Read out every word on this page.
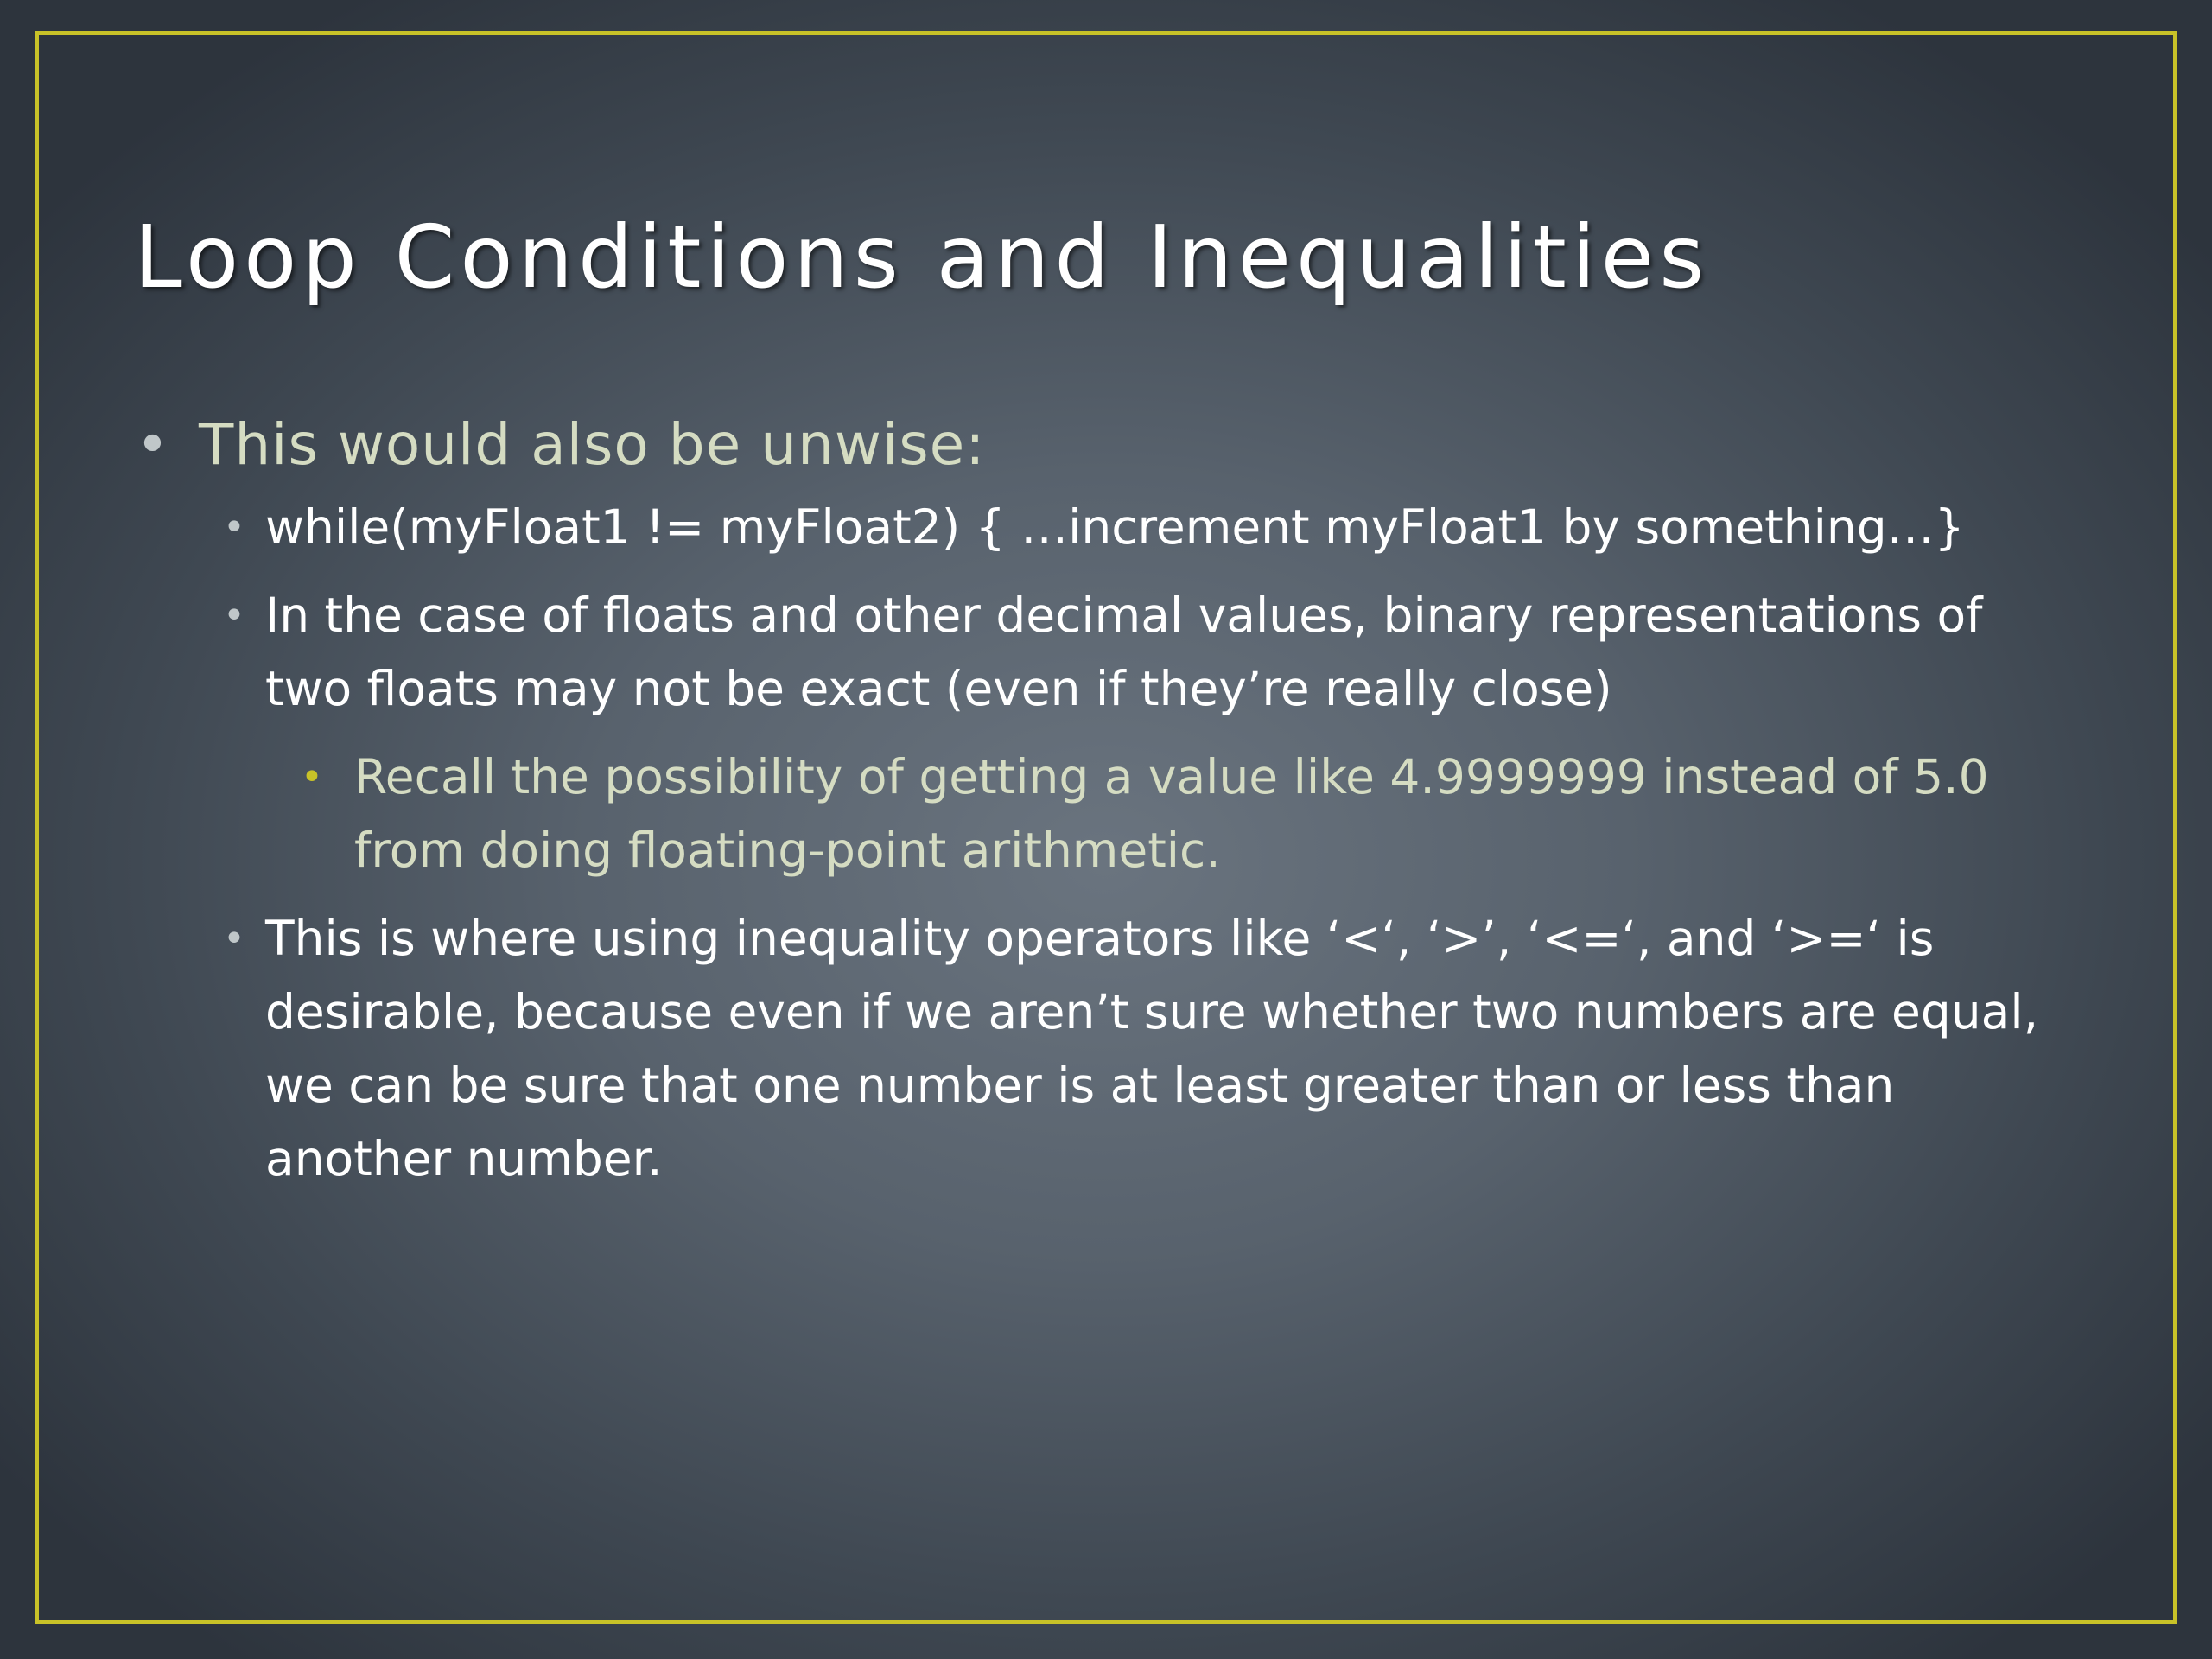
Loop Conditions and Inequalities

• This would also be unwise:

• while(myFloat1 != myFloat2) { …increment myFloat1 by something…}

• In the case of floats and other decimal values, binary representations of two floats may not be exact (even if they’re really close)

• Recall the possibility of getting a value like 4.9999999 instead of 5.0 from doing floating-point arithmetic.

• This is where using inequality operators like ‘<‘, ‘>’, ‘<=‘, and ‘>=‘ is desirable, because even if we aren’t sure whether two numbers are equal, we can be sure that one number is at least greater than or less than another number.
